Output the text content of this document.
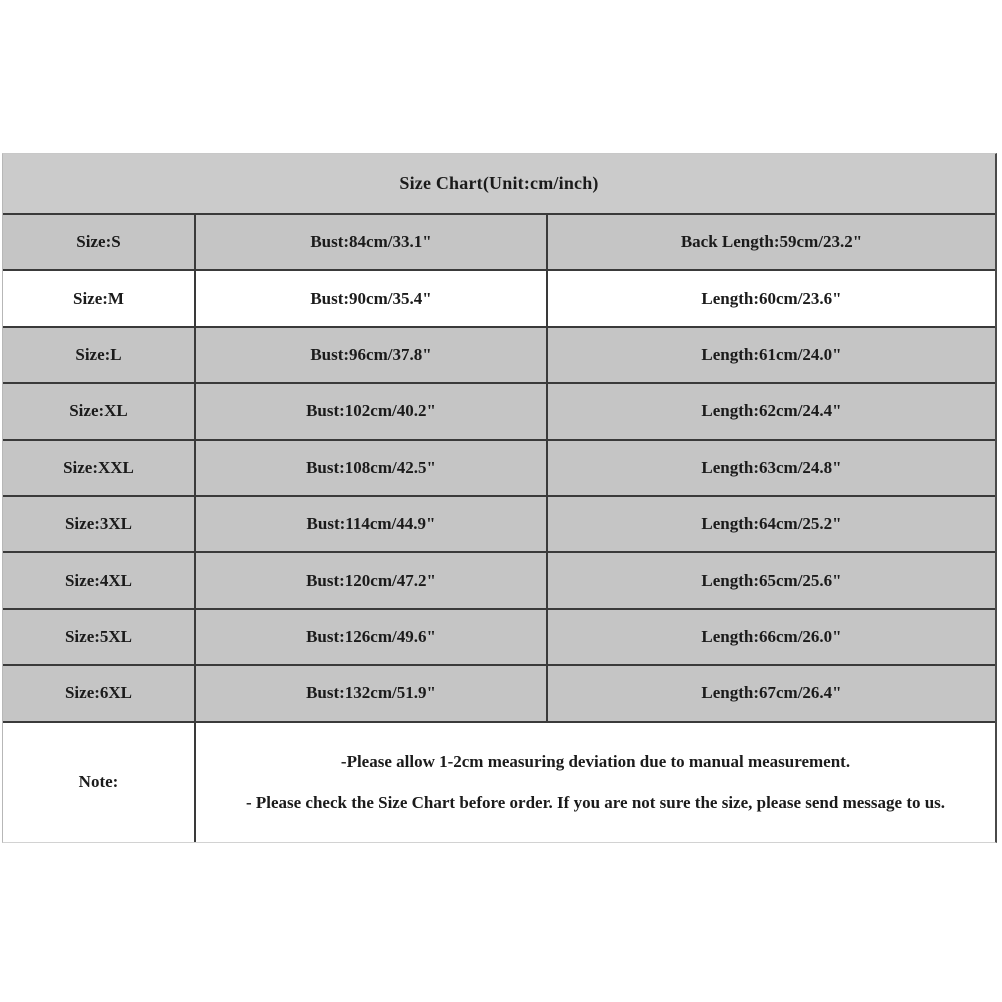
Size Chart(Unit:cm/inch)
Size:S	Bust:84cm/33.1"	Back Length:59cm/23.2"
Size:M	Bust:90cm/35.4"	Length:60cm/23.6"
Size:L	Bust:96cm/37.8"	Length:61cm/24.0"
Size:XL	Bust:102cm/40.2"	Length:62cm/24.4"
Size:XXL	Bust:108cm/42.5"	Length:63cm/24.8"
Size:3XL	Bust:114cm/44.9"	Length:64cm/25.2"
Size:4XL	Bust:120cm/47.2"	Length:65cm/25.6"
Size:5XL	Bust:126cm/49.6"	Length:66cm/26.0"
Size:6XL	Bust:132cm/51.9"	Length:67cm/26.4"
Note:

-Please allow 1-2cm measuring deviation due to manual measurement.

- Please check the Size Chart before order. If you are not sure the size, please send message to us.
